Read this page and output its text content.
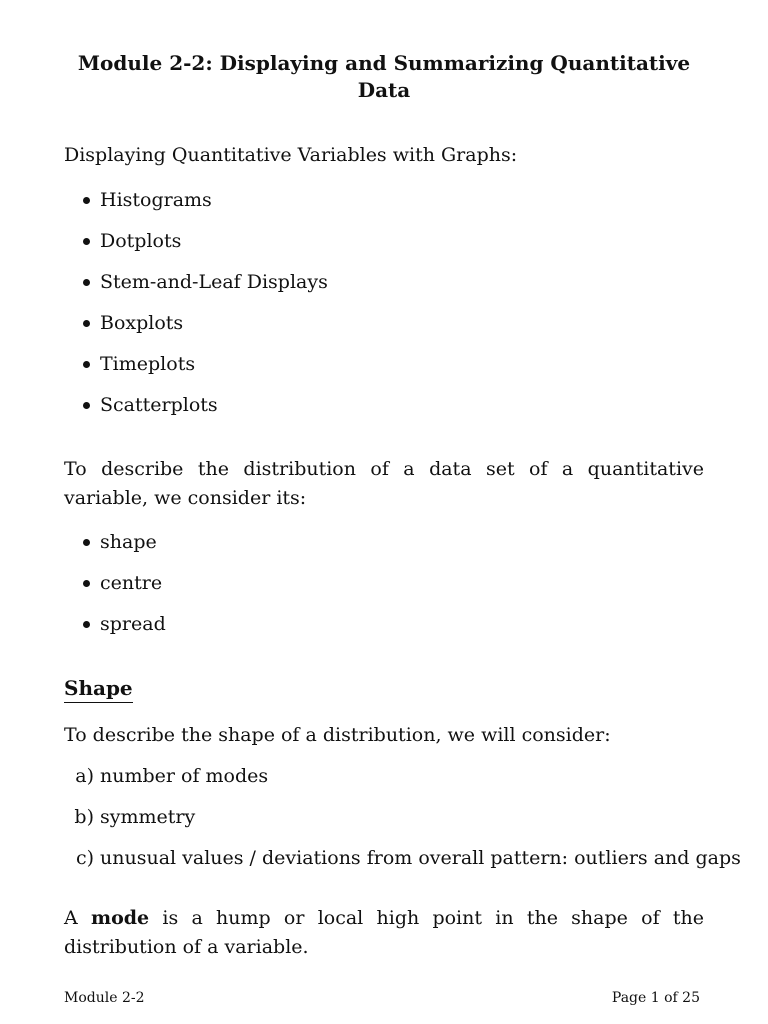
Module 2-2: Displaying and Summarizing Quantitative Data
Displaying Quantitative Variables with Graphs:
Histograms
Dotplots
Stem-and-Leaf Displays
Boxplots
Timeplots
Scatterplots
To describe the distribution of a data set of a quantitative variable, we consider its:
shape
centre
spread
Shape
To describe the shape of a distribution, we will consider:
a) number of modes
b) symmetry
c) unusual values / deviations from overall pattern: outliers and gaps
A mode is a hump or local high point in the shape of the distribution of a variable.
Module 2-2	Page 1 of 25
